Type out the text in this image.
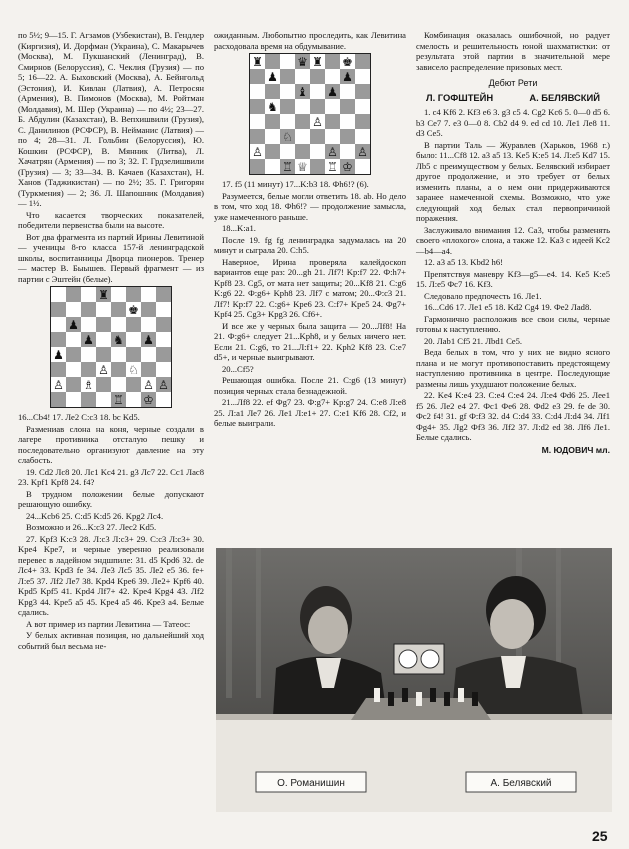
по 5½; 9—15. Г. Агзамов (Узбекистан), В. Гендлер (Киргизия), И. Дорфман (Украина), С. Макарычев (Москва), М. Пукшанский (Ленинград), В. Смирнов (Белоруссия), С. Чеклия (Грузия) — по 5; 16—22. А. Быховский (Москва), А. Бейнгольд (Эстония), И. Кивлан (Латвия), А. Петросян (Армения), В. Пимонов (Москва), М. Ройтман (Молдавия), М. Шер (Украина) — по 4½; 23—27. Б. Абдулин (Казахстан), В. Вепхишвили (Грузия), С. Данилинов (РСФСР), В. Нейманис (Латвия) — по 4; 28—31. Л. Гольбин (Белоруссия), Ю. Кошкин (РСФСР), В. Мянник (Литва), Л. Хачатрян (Армения) — по 3; 32. Г. Грдзелишвили (Грузия) — 3; 33—34. В. Качаев (Казахстан), Н. Ханов (Таджикистан) — по 2½; 35. Г. Григорян (Туркмения) — 2; 36. Л. Шапошник (Молдавия) — 1½.

Что касается творческих показателей, победители первенства были на высоте.

Вот два фрагмента из партий Ирины Левитиной — ученицы 8-го класса 157-й ленинградской школы, воспитанницы Дворца пионеров. Тренер — мастер В. Быышев. Первый фрагмент — из партии с Эштейн (белые).

♜
♚
♟ ♞ ♟
♟
♟
♙ ♘
♙	♙ ♙
♖ ♔
♗

16...Cb4! 17. Ле2 C:c3 18. bc Kd5.

Размениав слона на коня, черные создали в лагере противника отсталую пешку и последовательно организуют давление на эту слабость.

19. Cd2 Лc8 20. Лc1 Kc4 21. g3 Лc7 22. Cc1 Лac8 23. Kpf1 Kpf8 24. f4?

В трудном положении белые допускают решающую ошибку.

24...Kcb6 25. C:d5 K:d5 26. Kpg2 Лc4.

Возможно и 26...K:c3 27. Лec2 Kd5.

27. Kpf3 K:c3 28. Л:c3 Л:c3+ 29. C:c3 Л:c3+ 30. Kpe4 Kpe7, и черные уверенно реализовали перевес в ладейном эндшпиле: 31. d5 Kpd6 32. de Лc4+ 33. Kpd3 fe 34. Лe3 Лc5 35. Лe2 e5 36. fe+ Л:e5 37. Лf2 Лe7 38. Kpd4 Kpe6 39. Лe2+ Kpf6 40. Kpd5 Kpf5 41. Kpd4 Лf7+ 42. Kpe4 Kpg4 43. Лf2 Kpg3 44. Kpe5 a5 45. Kpe4 a5 46. Kpe3 a4. Белые сдались.

А вот пример из партии Левитина — Татеос:

У белых активная позиция, но дальнейший ход событий был весьма не-

ожиданным. Любопытно проследить, как Левитина расходовала время на обдумывание.

♜	♛ ♜ ♚
♟	♟
♝ ♟
♞
♙
♘
♙	♙ ♙
♖ ♕ ♖ ♔

17. f5 (11 минут) 17...K:b3 18. Фh6!? (6).

Разумеется, белые могли ответить 18. ab. Но дело в том, что ход 18. Фh6!? — продолжение замысла, уже намеченного раньше.

18...K:a1.

После 19. fg fg ленинградка задумалась на 20 минут и сыграла 20. C:h5.

Наверное, Ирина проверяла калейдоскоп вариантов еще раз: 20...gh 21. Лf7! Kp:f7 22. Ф:h7+ Kpf8 23. Cg5, от мата нет защиты; 20...Kf8 21. C:g6 K:g6 22. Ф:g6+ Kph8 23. Лf7 с матом; 20...Ф:c3 21. Лf7! Kp:f7 22. C:g6+ Kpe6 23. C:f7+ Kpe5 24. Фg7+ Kpf4 25. Cg3+ Kpg3 26. Cf6+.

И все же у черных была защита — 20...Лf8! На 21. Ф:g6+ следует 21...Kph8, и у белых ничего нет. Если 21. C:g6, то 21...Л:f1+ 22. Kph2 Kf8 23. C:e7 d5+, и черные выигрывают.

20...Cf5?

Решающая ошибка. После 21. C:g6 (13 минут) позиция черных стала безнадежной.

21...Лf8 22. ef Фg7 23. Ф:g7+ Kp:g7 24. C:e8 Л:e8 25. Л:a1 Лe7 26. Лe1 Л:e1+ 27. C:e1 Kf6 28. Cf2, и белые выиграли.

Комбинация оказалась ошибочной, но радует смелость и решительность юной шахматистки: от результата этой партии в значительной мере зависело распределение призовых мест.

Дебют Рети
Л. ГОФШТЕЙН	А. БЕЛЯВСКИЙ

1. c4 Kf6 2. Kf3 e6 3. g3 c5 4. Cg2 Kc6 5. 0—0 d5 6. b3 Ce7 7. e3 0—0 8. Cb2 d4 9. ed cd 10. Лe1 Лe8 11. d3 Ce5.

В партии Таль — Журавлев (Харьков, 1968 г.) было: 11...Cf8 12. a3 a5 13. Ke5 K:e5 14. Л:e5 Kd7 15. Лb5 с преимуществом у белых. Белявский избирает другое продолжение, и это требует от белых изменить планы, а о нем они придерживаются заранее намеченной схемы. Возможно, что уже следующий ход белых стал первопричиной поражения.

Заслуживало внимания 12. Ca3, чтобы разменять своего «плохого» слона, а также 12. Ka3 с идеей Kc2—b4—a4.

12. a3 a5 13. Kbd2 h6!

Препятствуя маневру Kf3—g5—e4. 14. Ke5 K:e5 15. Л:e5 Фc7 16. Kf3.

Следовало предпочесть 16. Лe1.

16...Cd6 17. Лe1 e5 18. Kd2 Cg4 19. Фe2 Лad8.

Гармонично расположив все свои силы, черные готовы к наступлению.

20. Лab1 Cf5 21. Лbd1 Ce5.

Веда белых в том, что у них не видно ясного плана и не могут противопоставить предстоящему наступлению противника в центре. Последующие размены лишь ухудшают положение белых.

22. Ke4 K:e4 23. C:e4 C:e4 24. Л:e4 Фd6 25. Лee1 f5 26. Лe2 e4 27. Фc1 Фe6 28. Фd2 e3 29. fe de 30. Фc2 f4! 31. gf Ф:f3 32. d4 C:d4 33. C:d4 Л:d4 34. Лf1 Фg4+ 35. Лg2 Фf3 36. Лf2 37. Л:d2 ed 38. Лf6 Лe1. Белые сдались.

М. ЮДОВИЧ мл.
О. Романишин	А. Белявский
25
